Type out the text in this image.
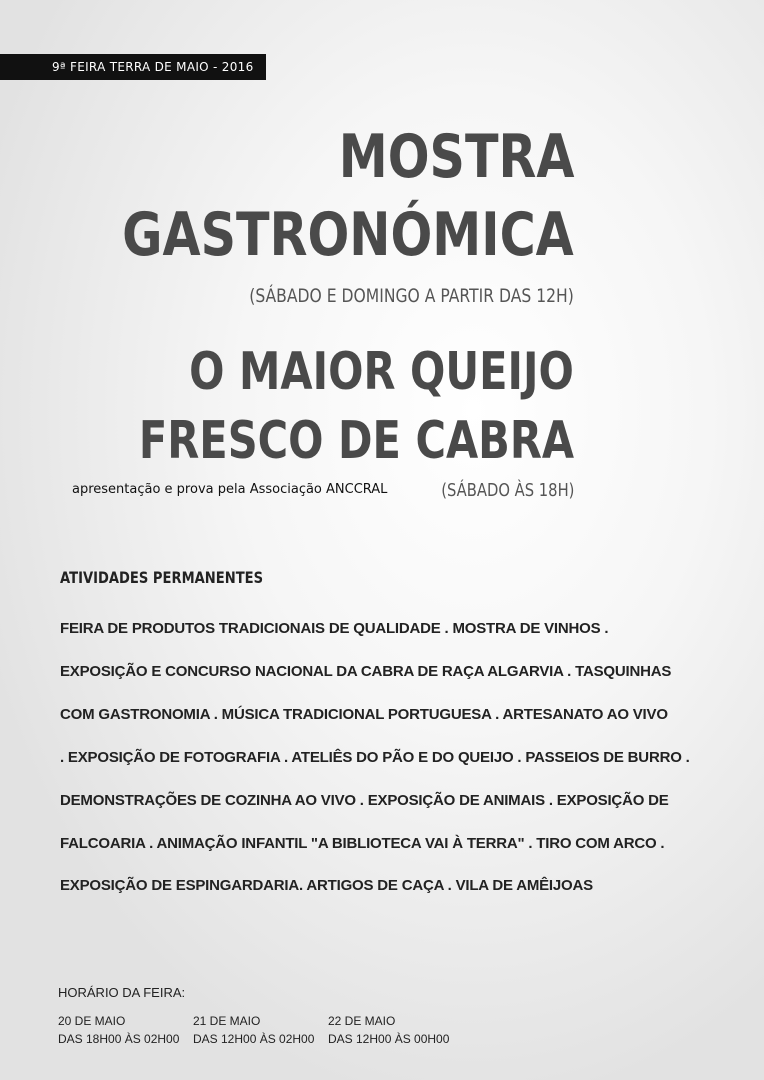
9ª FEIRA TERRA DE MAIO - 2016
MOSTRA
GASTRONÓMICA
(SÁBADO E DOMINGO A PARTIR DAS 12H)
O MAIOR QUEIJO
FRESCO DE CABRA
apresentação e prova pela Associação ANCCRAL	(SÁBADO ÀS 18H)
ATIVIDADES PERMANENTES
FEIRA DE PRODUTOS TRADICIONAIS DE QUALIDADE . MOSTRA DE VINHOS .
EXPOSIÇÃO E CONCURSO NACIONAL DA CABRA DE RAÇA ALGARVIA . TASQUINHAS
COM GASTRONOMIA . MÚSICA TRADICIONAL PORTUGUESA . ARTESANATO AO VIVO
. EXPOSIÇÃO DE FOTOGRAFIA . ATELIÊS DO PÃO E DO QUEIJO . PASSEIOS DE BURRO .
DEMONSTRAÇÕES DE COZINHA AO VIVO . EXPOSIÇÃO DE ANIMAIS . EXPOSIÇÃO DE
FALCOARIA . ANIMAÇÃO INFANTIL "A BIBLIOTECA VAI À TERRA" . TIRO COM ARCO .
EXPOSIÇÃO DE ESPINGARDARIA. ARTIGOS DE CAÇA . VILA DE AMÊIJOAS
HORÁRIO DA FEIRA:
20 DE MAIO
DAS 18H00 ÀS 02H00
21 DE MAIO
DAS 12H00 ÀS 02H00
22 DE MAIO
DAS 12H00 ÀS 00H00
